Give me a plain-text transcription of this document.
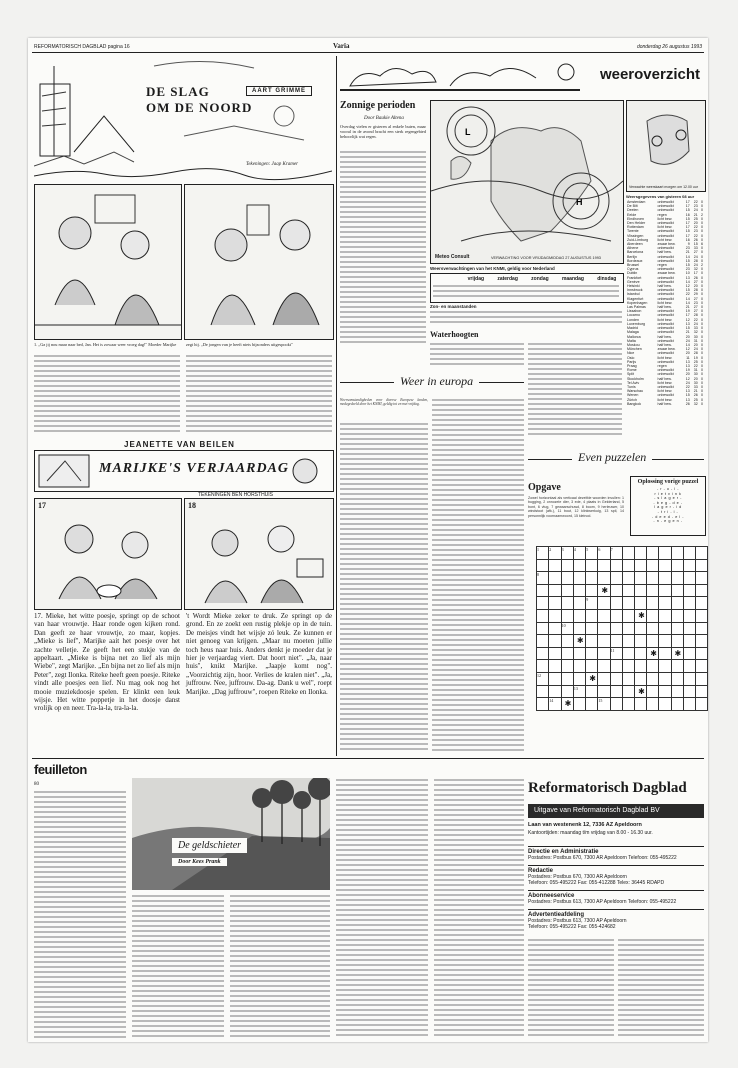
REFORMATORISCH DAGBLAD pagina 16	Varia	donderdag 26 augustus 1993
DE SLAG
OM DE NOORD
AART GRIMME
Tekeningen: Jaap Kramer
1. „Ga jij nou maar naar bed, Jan. Het is zowaar weer vroeg dag!" Moeder Marijke	zegt hij. „De jongen van je heeft niets bijzonders uitgespookt"
JEANETTE VAN BEILEN
MARIJKE'S VERJAARDAG
TEKENINGEN BEN HORSTHUIS
17	18
17. Mieke, het witte poesje, springt op de schoot van haar vrouwtje. Haar ronde ogen kijken rond. Dan geeft ze haar vrouwtje, zo maar, kopjes. „Mieke is lief", Marijke aait het poesje over het zachte velletje. Ze geeft het een stukje van de appeltaart. „Mieke is bijna net zo lief als mijn Wiebe", zegt Marijke. „En bijna net zo lief als mijn Peter", zegt Ilonka. Riteke heeft geen poesje. Riteke vindt alle poesjes een lief. Nu mag ook nog het mooie muziekdoosje spelen. Er klinkt een leuk wijsje. Het witte poppetje in het doosje danst vrolijk op en neer. Tra-la-la, tra-la-la.
't Wordt Mieke zeker te druk. Ze springt op de grond. En ze zoekt een rustig plekje op in de tuin. De meisjes vindt het wijsje zó leuk. Ze kunnen er niet genoeg van krijgen. „Maar nu moeten jullie toch heus naar huis. Anders denkt je moeder dat je hier je verjaardag viert. Dat hoort niet". „Ja, naar huis", knikt Marijke. „Jaapje komt nog". „Voorzichtig zijn, hoor. Verlies de kralen niet". „Ja, juffrouw. Nee, juffrouw. Da-ag. Dank u wel", roept Marijke. „Dag juffrouw", roepen Riteke en Ilonka.
weeroverzicht
Zonnige perioden
Door Baukie Altena
Overdag vielen er gisteren al enkele buien, maar vooral in de avond bracht een sterk regengebied behoorlijk wat regen.	L
H
Meteo Consult	VERWACHTING VOOR VRIJDAGMIDDAG 27 AUGUSTUS 1993
Verwachte weerskaart morgen om 12.00 uur
Weersgegevens van gisteren 08 uur
Amsterdam	onbewolkt	17	22	0
De Bilt	onbewolkt	17	23	0
Deelen	onbewolkt	15	24	0
Eelde	regen	16	21	2
Eindhoven	licht bew.	15	25	0
Den Helder	onbewolkt	17	20	0
Rotterdam	licht bew.	17	22	0
Twente	onbewolkt	15	23	0
Vlissingen	onbewolkt	17	22	0
Zuid-Limburg	licht bew.	16	26	0
Aberdeen	zwaar bew.	9	15	6
Athene	onbewolkt	23	33	0
Barcelona	half bew.	21	27	0
Berlijn	onbewolkt	14	24	0
Bordeaux	onbewolkt	15	28	0
Brussel	regen	15	24	2
Cyprus	onbewolkt	23	32	0
Dublin	zwaar bew.	10	17	0
Frankfort	onbewolkt	13	26	0
Genève	onbewolkt	14	27	0
Helsinki	half bew.	12	20	0
Innsbruck	onbewolkt	15	28	0
Istanbul	onbewolkt	22	29	0
Klagenfurt	onbewolkt	14	27	0
Kopenhagen	licht bew.	14	23	0
Las Palmas	half bew.	21	27	0
Lissabon	onbewolkt	19	27	0
Locarno	onbewolkt	17	28	0
Londen	licht bew.	12	22	0
Luxemburg	onbewolkt	13	24	0
Madrid	onbewolkt	15	33	0
Malaga	onbewolkt	21	32	0
Mallorca	half bew.	20	30	0
Malta	onbewolkt	24	31	0
Moskou	half bew.	14	20	0
München	zwaar bew.	12	24	0
Nice	onbewolkt	20	28	0
Oslo	licht bew.	11	19	0
Parijs	onbewolkt	13	25	0
Praag	regen	13	22	0
Rome	onbewolkt	19	31	0
Split	onbewolkt	20	30	0
Stockholm	half bew.	12	20	0
Tel Aviv	licht bew.	24	30	0
Tunis	onbewolkt	22	33	0
Warschau	licht bew.	13	21	0
Wenen	onbewolkt	15	26	0
Zürich	licht bew.	13	25	0
Bangkok	half bew.	26	32	0
Weersverwachtingen van het KNMI, geldig voor Nederland
vrijdag	zaterdag	zondag	maandag	dinsdag
Zon- en maanstanden
Waterhoogten
Weer in europa
Weersomstandigheden voor diverse Europese landen, medegedeeld door het KNMI, geldig tot en met vrijdag.
Even puzzelen
Opgave
Zowel horizontaal als verticaal dezelfde woorden invullen: 1 bugging, 2 onnozele dier, 3 ede, 4 plaats in Gelderland, 5 bont, 6 vlug, 7 gewaarschuwd, 8 boom, 9 herleuwer, 10 windstoot (afk.), 11 bout, 12 klinkwerkuig, 13 spil, 14 personnlijk voornaamwoord, 15 kleinod.
Oplossing vorige puzzel
- r - o - l -
r i e t v i n k
- s l a g e r -
- b e g - d e -
l a g e r - i d
- t r i - l -
- d e e d - e l -
- n - e g e n -
1	2	3	4	5	6	7							

8													

					✱								

				9									

								✱					

		10											

			✱										

						11			✱		✱		

12				✱									

			13					✱					

	14	✱			15								
feuilleton
80
De geldschieter
Door Kees Prank
Reformatorisch Dagblad
Uitgave van Reformatorisch Dagblad BV
Laan van westenenk 12, 7336 AZ Apeldoorn
Kantoortijden: maandag t/m vrijdag van 8.00 - 16.30 uur.
Directie en Administratie
Postadres: Postbus 670, 7300 AR Apeldoorn Telefoon: 055-495222
Redactie
Postadres: Postbus 670, 7300 AR Apeldoorn
Telefoon: 055-495222 Fax: 055-412288 Telex: 36445 RDAPD
Abonneeservice
Postadres: Postbus 613, 7300 AP Apeldoorn Telefoon: 055-495222
Advertentieafdeling
Postadres: Postbus 613, 7300 AP Apeldoorn
Telefoon: 055-495222 Fax: 055-424682
